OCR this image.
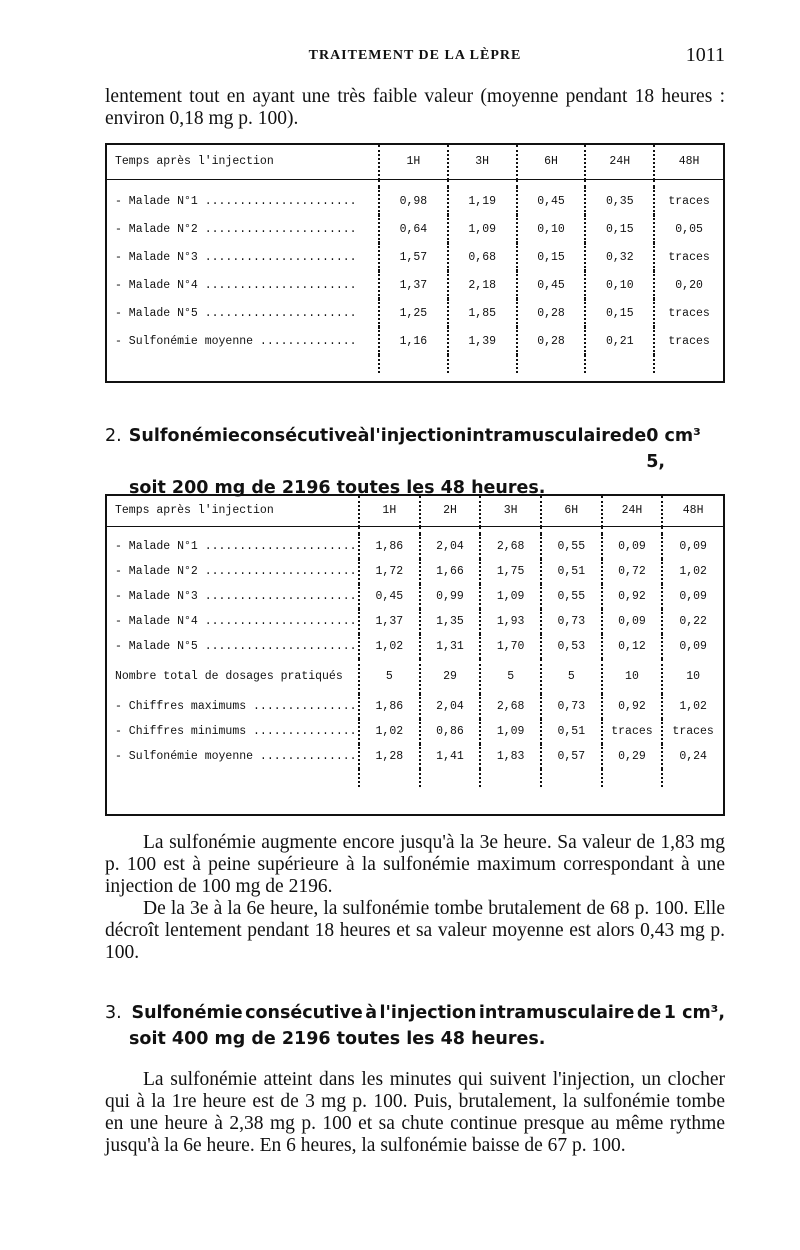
TRAITEMENT DE LA LÈPRE	1011

lentement tout en ayant une très faible valeur (moyenne pendant 18 heures : environ 0,18 mg p. 100).

Temps après l'injection	1H	3H	6H	24H	48H

- Malade N°1 ......................	0,98	1,19	0,45	0,35	traces
- Malade N°2 ......................	0,64	1,09	0,10	0,15	0,05
- Malade N°3 ......................	1,57	0,68	0,15	0,32	traces
- Malade N°4 ......................	1,37	2,18	0,45	0,10	0,20
- Malade N°5 ......................	1,25	1,85	0,28	0,15	traces
- Sulfonémie moyenne ..............	1,16	1,39	0,28	0,21	traces

2. Sulfonémie consécutive à l'injection intramusculaire de 0 cm³ 5,
soit 200 mg de 2196 toutes les 48 heures.
Temps après l'injection	1H	2H	3H	6H	24H	48H

- Malade N°1 ......................	1,86	2,04	2,68	0,55	0,09	0,09
- Malade N°2 ......................	1,72	1,66	1,75	0,51	0,72	1,02
- Malade N°3 ......................	0,45	0,99	1,09	0,55	0,92	0,09
- Malade N°4 ......................	1,37	1,35	1,93	0,73	0,09	0,22
- Malade N°5 ......................	1,02	1,31	1,70	0,53	0,12	0,09
Nombre total de dosages pratiqués	5	29	5	5	10	10
- Chiffres maximums ...............	1,86	2,04	2,68	0,73	0,92	1,02
- Chiffres minimums ...............	1,02	0,86	1,09	0,51	traces	traces
- Sulfonémie moyenne ..............	1,28	1,41	1,83	0,57	0,29	0,24

La sulfonémie augmente encore jusqu'à la 3e heure. Sa valeur de 1,83 mg p. 100 est à peine supérieure à la sulfonémie maximum correspondant à une injection de 100 mg de 2196.

De la 3e à la 6e heure, la sulfonémie tombe brutalement de 68 p. 100. Elle décroît lentement pendant 18 heures et sa valeur moyenne est alors 0,43 mg p. 100.

3. Sulfonémie consécutive à l'injection intramusculaire de 1 cm³,
soit 400 mg de 2196 toutes les 48 heures.

La sulfonémie atteint dans les minutes qui suivent l'injection, un clocher qui à la 1re heure est de 3 mg p. 100. Puis, brutalement, la sulfonémie tombe en une heure à 2,38 mg p. 100 et sa chute continue presque au même rythme jusqu'à la 6e heure. En 6 heures, la sulfonémie baisse de 67 p. 100.
